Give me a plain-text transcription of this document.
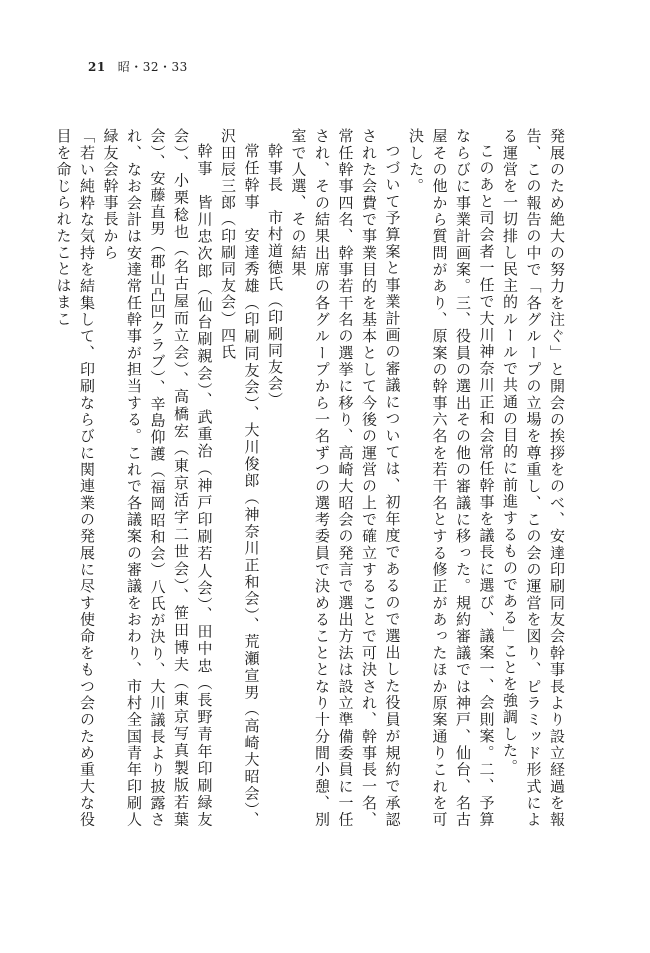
21 昭・32・33

発展のため絶大の努力を注ぐ」と開会の挨拶をのべ、安達印刷同友会幹事長より設立経過を報告、この報告の中で「各グループの立場を尊重し、この会の運営を図り、ピラミッド形式による運営を一切排し民主的ルールで共通の目的に前進するものである」ことを強調した。

このあと司会者一任で大川神奈川正和会常任幹事を議長に選び、議案一、会則案。二、予算ならびに事業計画案。三、役員の選出その他の審議に移った。規約審議では神戸、仙台、名古屋その他から質問があり、原案の幹事六名を若干名とする修正があったほか原案通りこれを可決した。

つづいて予算案と事業計画の審議については、初年度であるので選出した役員が規約で承認された会費で事業目的を基本として今後の運営の上で確立することで可決され、幹事長一名、常任幹事四名、幹事若干名の選挙に移り、高崎大昭会の発言で選出方法は設立準備委員に一任され、その結果出席の各グループから一名ずつの選考委員で決めることとなり十分間小憩、別室で人選、その結果

幹事長　市村道徳氏（印刷同友会）

常任幹事　安達秀雄（印刷同友会）、大川俊郎（神奈川正和会）、荒瀬宣男（高崎大昭会）、沢田辰三郎（印刷同友会）四氏

幹事　皆川忠次郎（仙台刷親会）、武重治（神戸印刷若人会）、田中忠（長野青年印刷緑友会）、小栗稔也（名古屋而立会）、高橋宏（東京活字二世会）、笹田博夫（東京写真製版若葉会）、安藤直男（郡山凸凹クラブ）、辛島仰護（福岡昭和会）八氏が決り、大川議長より披露され、なお会計は安達常任幹事が担当する。これで各議案の審議をおわり、市村全国青年印刷人緑友会幹事長から

「若い純粋な気持を結集して、印刷ならびに関連業の発展に尽す使命をもつ会のため重大な役目を命じられたことはまこ
